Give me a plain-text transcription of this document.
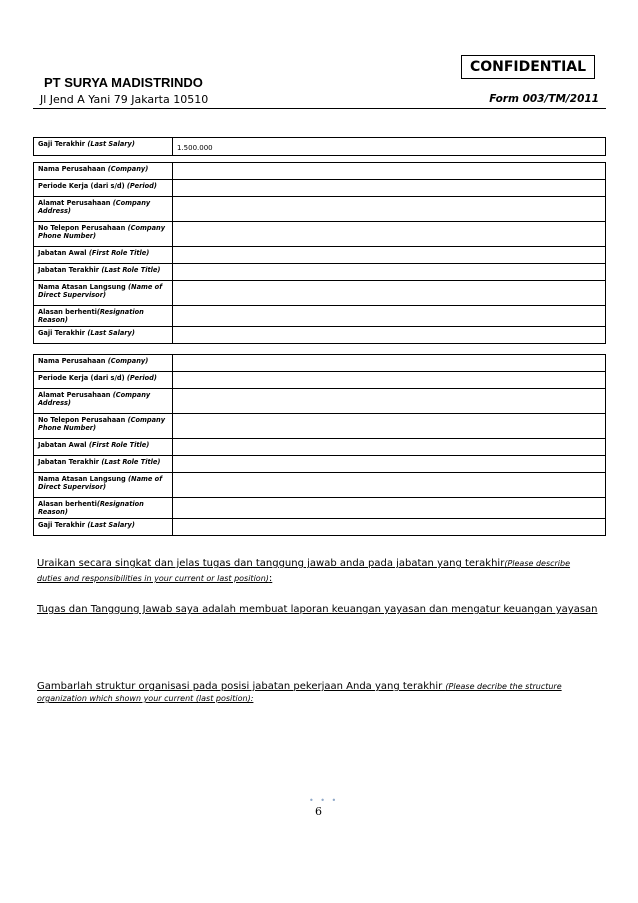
CONFIDENTIAL
PT SURYA MADISTRINDO
Jl Jend A Yani 79 Jakarta 10510	Form 003/TM/2011
Gaji Terakhir (Last Salary)	1.500.000
Nama Perusahaan (Company)	
Periode Kerja (dari s/d) (Period)	
Alamat Perusahaan (Company Address)	
No Telepon Perusahaan (Company Phone Number)	
Jabatan Awal (First Role Title)	
Jabatan Terakhir (Last Role Title)	
Nama Atasan Langsung (Name of Direct Supervisor)	
Alasan berhenti(Resignation Reason)	
Gaji Terakhir (Last Salary)	
Nama Perusahaan (Company)	
Periode Kerja (dari s/d) (Period)	
Alamat Perusahaan (Company Address)	
No Telepon Perusahaan (Company Phone Number)	
Jabatan Awal (First Role Title)	
Jabatan Terakhir (Last Role Title)	
Nama Atasan Langsung (Name of Direct Supervisor)	
Alasan berhenti(Resignation Reason)	
Gaji Terakhir (Last Salary)	
Uraikan secara singkat dan jelas tugas dan tanggung jawab anda pada jabatan yang terakhir(Please describe duties and responsibilities in your current or last position):
Tugas dan Tanggung Jawab saya adalah membuat laporan keuangan yayasan dan mengatur keuangan yayasan
Gambarlah struktur organisasi pada posisi jabatan pekerjaan Anda yang terakhir (Please decribe the structure organization which shown your current (last position):
• • •
6
